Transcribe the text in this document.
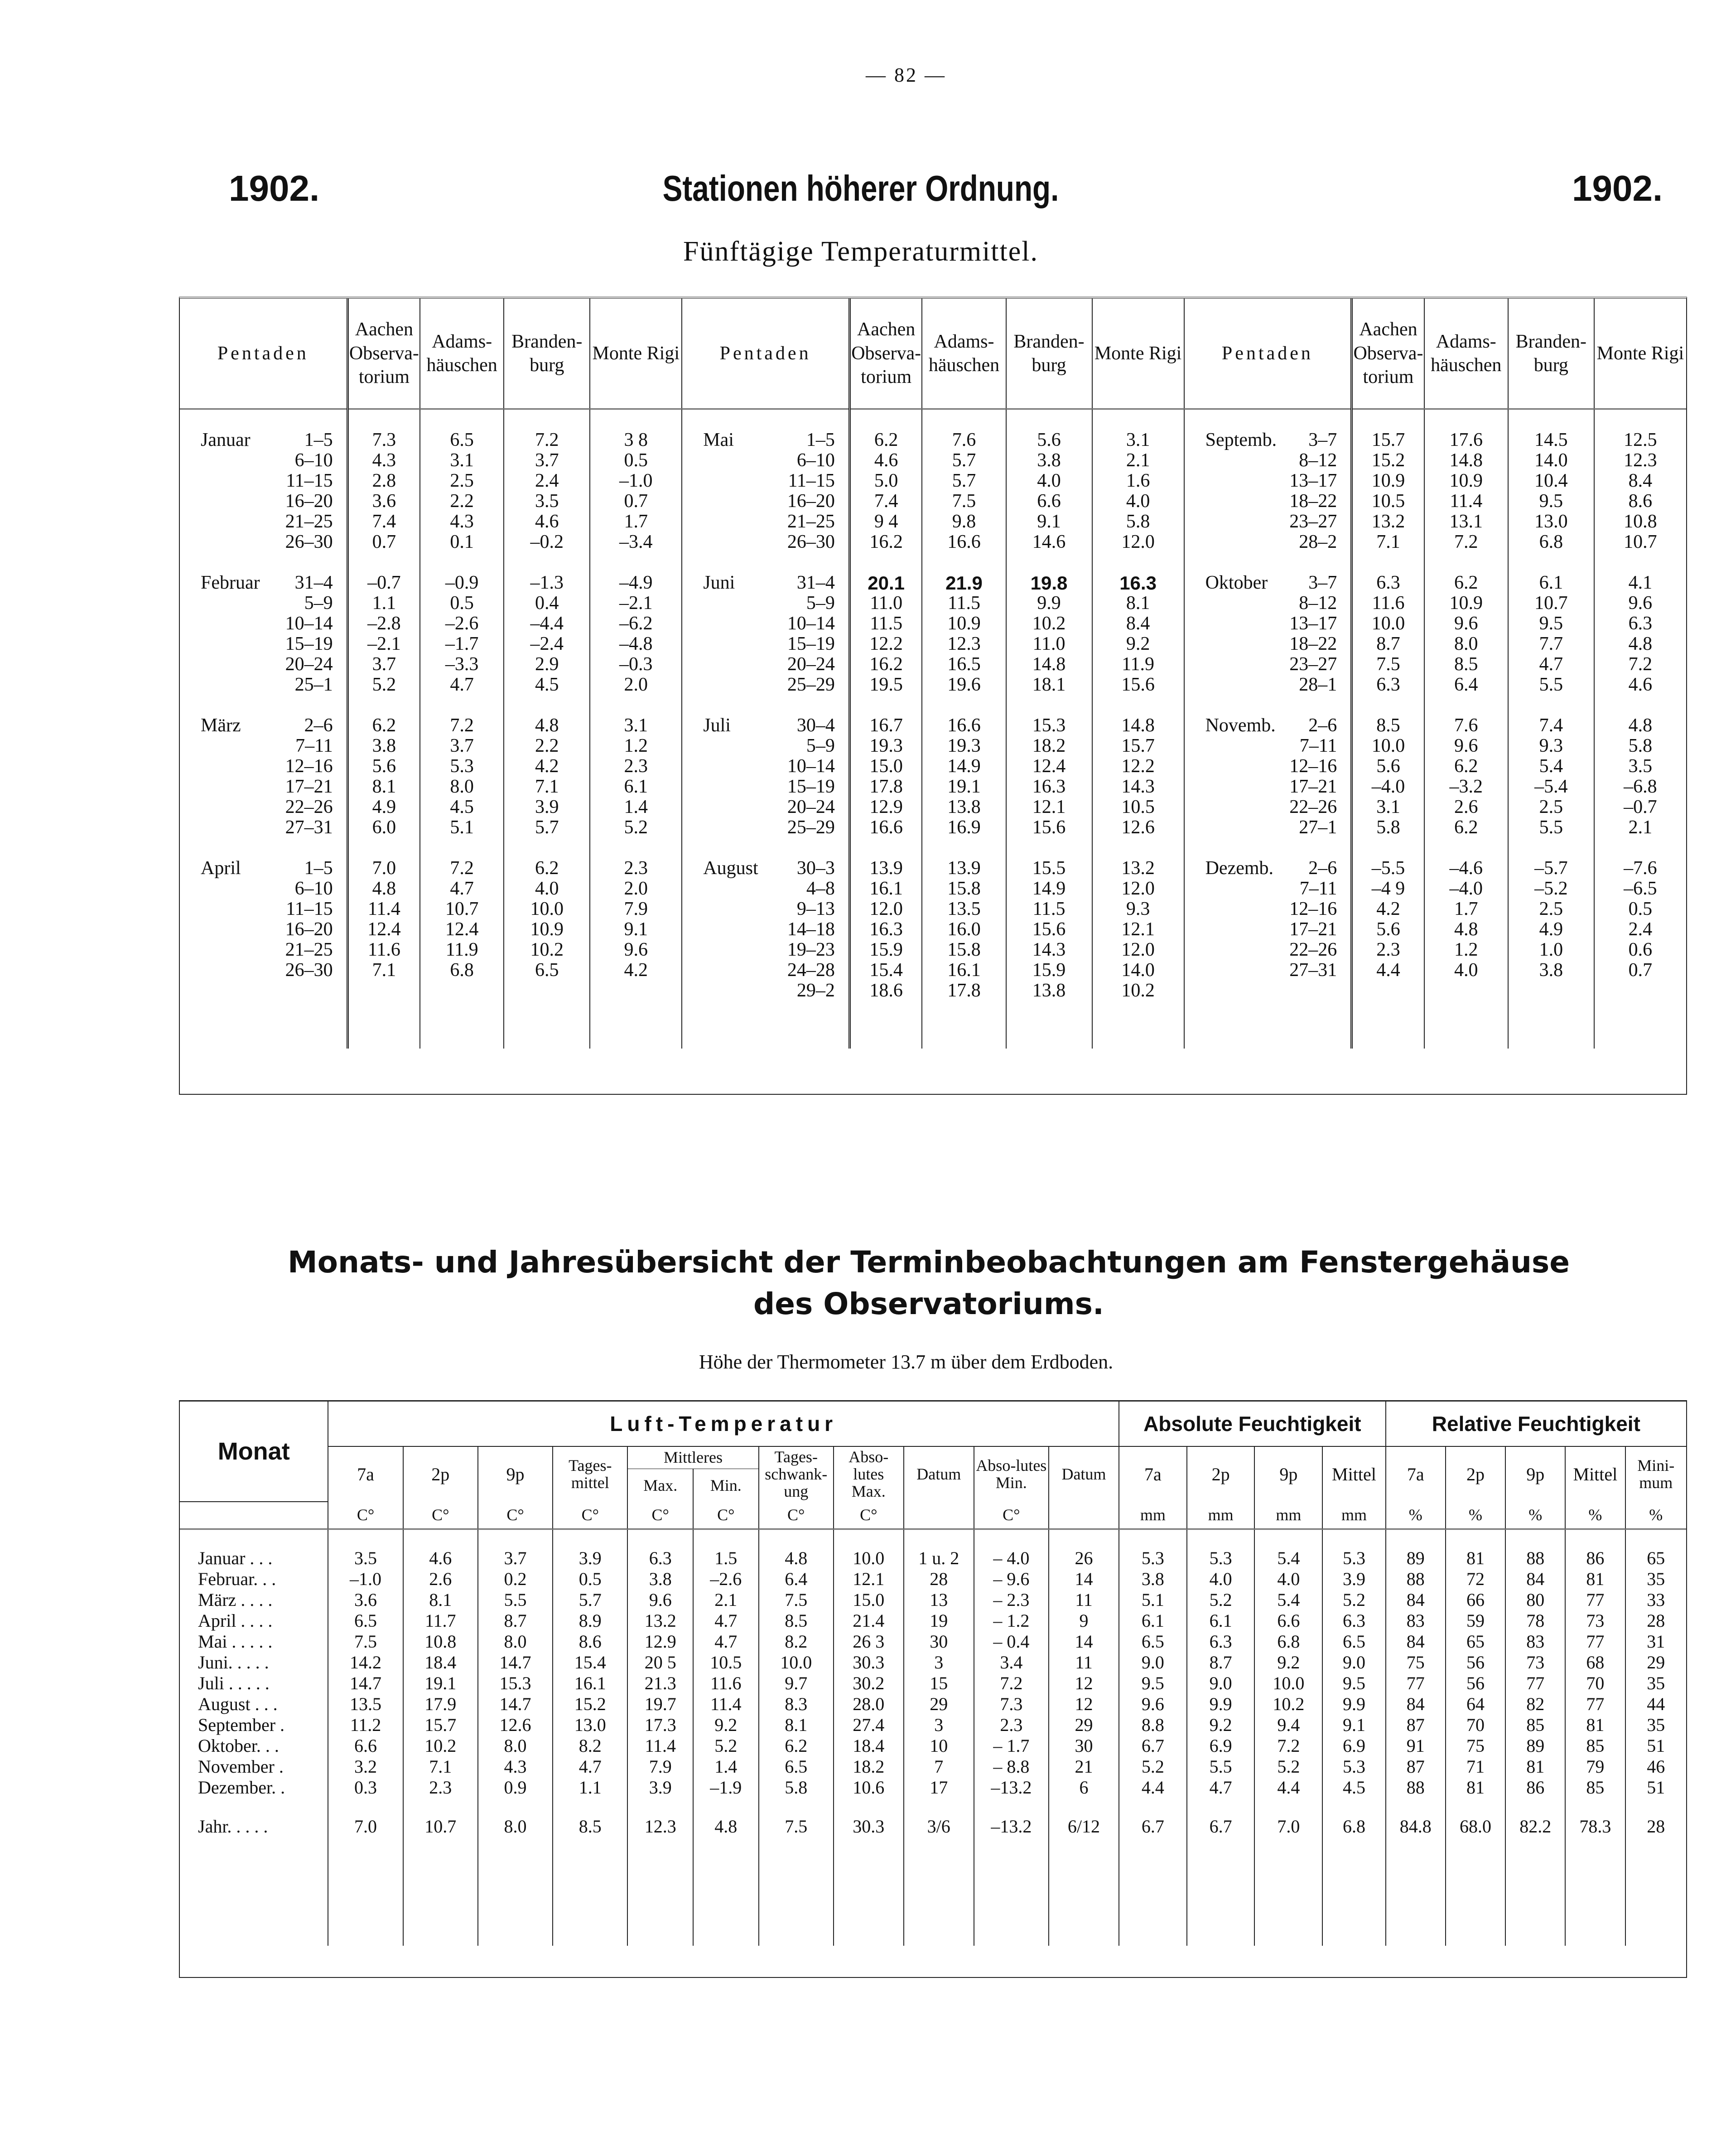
— 82 —
1902.	Stationen höherer Ordnung.	1902.
Fünftägige Temperaturmittel.
Pentaden	Aachen Observa-torium	Adams-häuschen	Branden-burg	Monte Rigi	Pentaden	Aachen Observa-torium	Adams-häuschen	Branden-burg	Monte Rigi	Pentaden	Aachen Observa-torium	Adams-häuschen	Branden-burg	Monte Rigi

Januar 1–5	7.3	6.5	7.2	3 8	Mai 1–5	6.2	7.6	5.6	3.1	Septemb. 3–7	15.7	17.6	14.5	12.5
6–10	4.3	3.1	3.7	0.5	6–10	4.6	5.7	3.8	2.1	8–12	15.2	14.8	14.0	12.3
11–15	2.8	2.5	2.4	–1.0	11–15	5.0	5.7	4.0	1.6	13–17	10.9	10.9	10.4	8.4
16–20	3.6	2.2	3.5	0.7	16–20	7.4	7.5	6.6	4.0	18–22	10.5	11.4	9.5	8.6
21–25	7.4	4.3	4.6	1.7	21–25	9 4	9.8	9.1	5.8	23–27	13.2	13.1	13.0	10.8
26–30	0.7	0.1	–0.2	–3.4	26–30	16.2	16.6	14.6	12.0	28–2	7.1	7.2	6.8	10.7

Februar 31–4	–0.7	–0.9	–1.3	–4.9	Juni 31–4	20.1	21.9	19.8	16.3	Oktober 3–7	6.3	6.2	6.1	4.1
5–9	1.1	0.5	0.4	–2.1	5–9	11.0	11.5	9.9	8.1	8–12	11.6	10.9	10.7	9.6
10–14	–2.8	–2.6	–4.4	–6.2	10–14	11.5	10.9	10.2	8.4	13–17	10.0	9.6	9.5	6.3
15–19	–2.1	–1.7	–2.4	–4.8	15–19	12.2	12.3	11.0	9.2	18–22	8.7	8.0	7.7	4.8
20–24	3.7	–3.3	2.9	–0.3	20–24	16.2	16.5	14.8	11.9	23–27	7.5	8.5	4.7	7.2
25–1	5.2	4.7	4.5	2.0	25–29	19.5	19.6	18.1	15.6	28–1	6.3	6.4	5.5	4.6

März 2–6	6.2	7.2	4.8	3.1	Juli 30–4	16.7	16.6	15.3	14.8	Novemb. 2–6	8.5	7.6	7.4	4.8
7–11	3.8	3.7	2.2	1.2	5–9	19.3	19.3	18.2	15.7	7–11	10.0	9.6	9.3	5.8
12–16	5.6	5.3	4.2	2.3	10–14	15.0	14.9	12.4	12.2	12–16	5.6	6.2	5.4	3.5
17–21	8.1	8.0	7.1	6.1	15–19	17.8	19.1	16.3	14.3	17–21	–4.0	–3.2	–5.4	–6.8
22–26	4.9	4.5	3.9	1.4	20–24	12.9	13.8	12.1	10.5	22–26	3.1	2.6	2.5	–0.7
27–31	6.0	5.1	5.7	5.2	25–29	16.6	16.9	15.6	12.6	27–1	5.8	6.2	5.5	2.1

April 1–5	7.0	7.2	6.2	2.3	August 30–3	13.9	13.9	15.5	13.2	Dezemb. 2–6	–5.5	–4.6	–5.7	–7.6
6–10	4.8	4.7	4.0	2.0	4–8	16.1	15.8	14.9	12.0	7–11	–4 9	–4.0	–5.2	–6.5
11–15	11.4	10.7	10.0	7.9	9–13	12.0	13.5	11.5	9.3	12–16	4.2	1.7	2.5	0.5
16–20	12.4	12.4	10.9	9.1	14–18	16.3	16.0	15.6	12.1	17–21	5.6	4.8	4.9	2.4
21–25	11.6	11.9	10.2	9.6	19–23	15.9	15.8	14.3	12.0	22–26	2.3	1.2	1.0	0.6
26–30	7.1	6.8	6.5	4.2	24–28	15.4	16.1	15.9	14.0	27–31	4.4	4.0	3.8	0.7
					29–2	18.6	17.8	13.8	10.2					

Monats- und Jahresübersicht der Terminbeobachtungen am Fenstergehäuse
des Observatoriums.
Höhe der Thermometer 13.7 m über dem Erdboden.
Monat	Luft-Temperatur											Absolute Feuchtigkeit				Relative Feuchtigkeit				
	7a	2p	9p	Tages-mittel	Mittleres		Tages-schwank-ung	Abso-lutes Max.	Datum	Abso-lutes Min.	Datum	7a	2p	9p	Mittel	7a	2p	9p	Mittel	Mini-mum
					Max.	Min.														
	C°	C°	C°	C°	C°	C°	C°	C°		C°		mm	mm	mm	mm	%	%	%	%	%

Januar . . .	3.5	4.6	3.7	3.9	6.3	1.5	4.8	10.0	1 u. 2	– 4.0	26	5.3	5.3	5.4	5.3	89	81	88	86	65
Februar. . .	–1.0	2.6	0.2	0.5	3.8	–2.6	6.4	12.1	28	– 9.6	14	3.8	4.0	4.0	3.9	88	72	84	81	35
März . . . .	3.6	8.1	5.5	5.7	9.6	2.1	7.5	15.0	13	– 2.3	11	5.1	5.2	5.4	5.2	84	66	80	77	33
April . . . .	6.5	11.7	8.7	8.9	13.2	4.7	8.5	21.4	19	– 1.2	9	6.1	6.1	6.6	6.3	83	59	78	73	28
Mai . . . . .	7.5	10.8	8.0	8.6	12.9	4.7	8.2	26 3	30	– 0.4	14	6.5	6.3	6.8	6.5	84	65	83	77	31
Juni. . . . .	14.2	18.4	14.7	15.4	20 5	10.5	10.0	30.3	3	3.4	11	9.0	8.7	9.2	9.0	75	56	73	68	29
Juli . . . . .	14.7	19.1	15.3	16.1	21.3	11.6	9.7	30.2	15	7.2	12	9.5	9.0	10.0	9.5	77	56	77	70	35
August . . .	13.5	17.9	14.7	15.2	19.7	11.4	8.3	28.0	29	7.3	12	9.6	9.9	10.2	9.9	84	64	82	77	44
September .	11.2	15.7	12.6	13.0	17.3	9.2	8.1	27.4	3	2.3	29	8.8	9.2	9.4	9.1	87	70	85	81	35
Oktober. . .	6.6	10.2	8.0	8.2	11.4	5.2	6.2	18.4	10	– 1.7	30	6.7	6.9	7.2	6.9	91	75	89	85	51
November .	3.2	7.1	4.3	4.7	7.9	1.4	6.5	18.2	7	– 8.8	21	5.2	5.5	5.2	5.3	87	71	81	79	46
Dezember. .	0.3	2.3	0.9	1.1	3.9	–1.9	5.8	10.6	17	–13.2	6	4.4	4.7	4.4	4.5	88	81	86	85	51

Jahr. . . . .	7.0	10.7	8.0	8.5	12.3	4.8	7.5	30.3	3/6	–13.2	6/12	6.7	6.7	7.0	6.8	84.8	68.0	82.2	78.3	28
